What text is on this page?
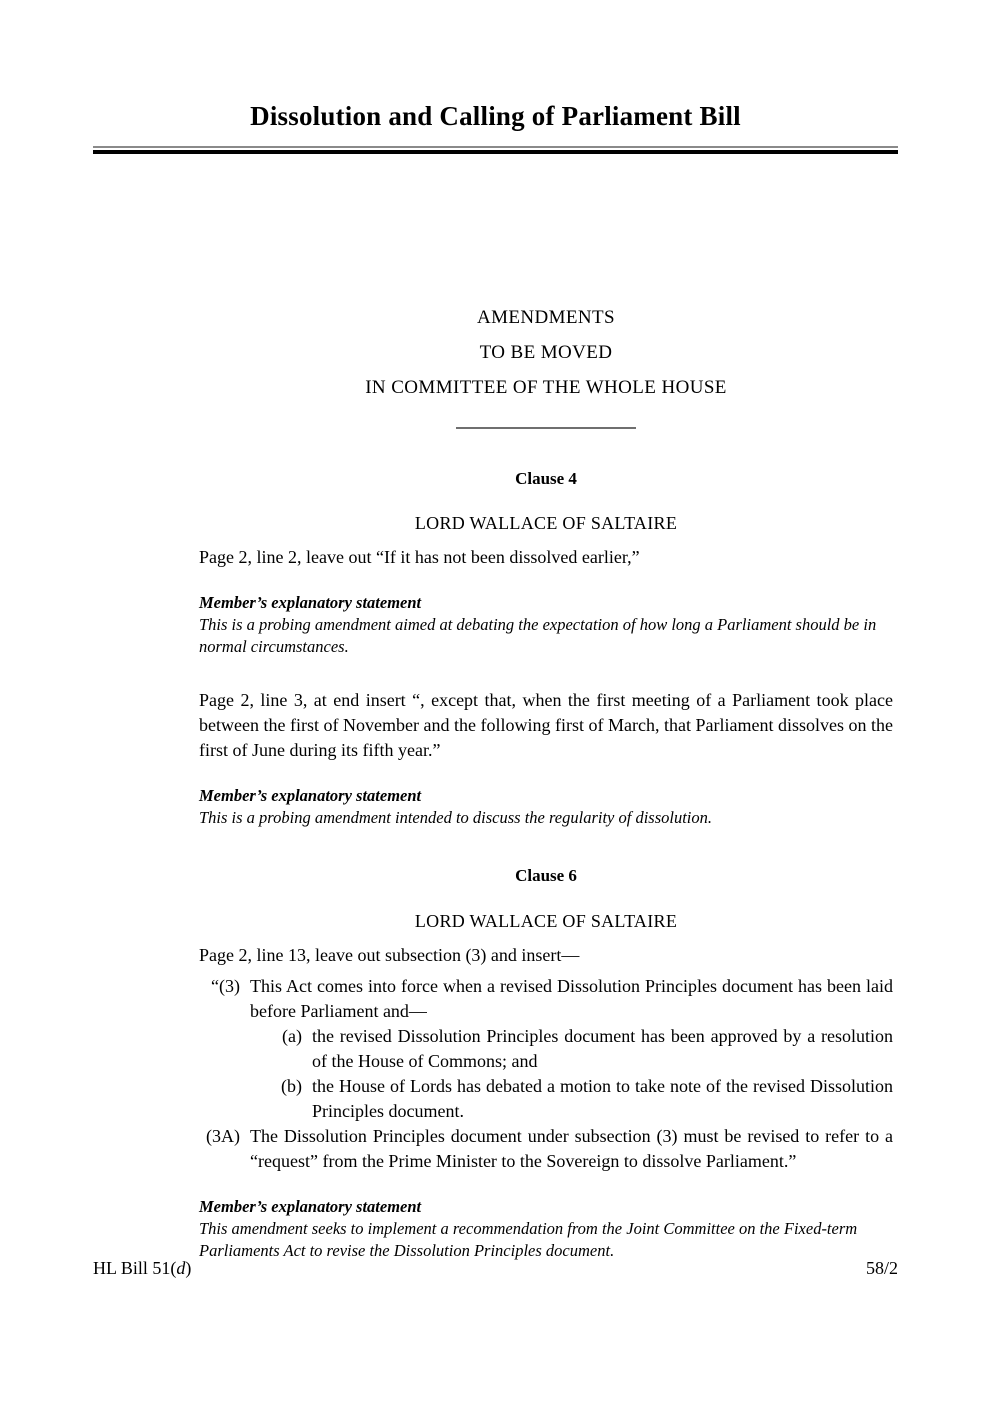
Dissolution and Calling of Parliament Bill
AMENDMENTS
TO BE MOVED
IN COMMITTEE OF THE WHOLE HOUSE
Clause 4
LORD WALLACE OF SALTAIRE

Page 2, line 2, leave out “If it has not been dissolved earlier,”

Member’s explanatory statement

This is a probing amendment aimed at debating the expectation of how long a Parliament should be in normal circumstances.

Page 2, line 3, at end insert “, except that, when the first meeting of a Parliament took place between the first of November and the following first of March, that Parliament dissolves on the first of June during its fifth year.”

Member’s explanatory statement

This is a probing amendment intended to discuss the regularity of dissolution.

Clause 6
LORD WALLACE OF SALTAIRE

Page 2, line 13, leave out subsection (3) and insert—

“(3) This Act comes into force when a revised Dissolution Principles document has been laid before Parliament and—
(a) the revised Dissolution Principles document has been approved by a resolution of the House of Commons; and
(b) the House of Lords has debated a motion to take note of the revised Dissolution Principles document.
(3A) The Dissolution Principles document under subsection (3) must be revised to refer to a “request” from the Prime Minister to the Sovereign to dissolve Parliament.”

Member’s explanatory statement

This amendment seeks to implement a recommendation from the Joint Committee on the Fixed-term Parliaments Act to revise the Dissolution Principles document.

HL Bill 51(d)	58/2
